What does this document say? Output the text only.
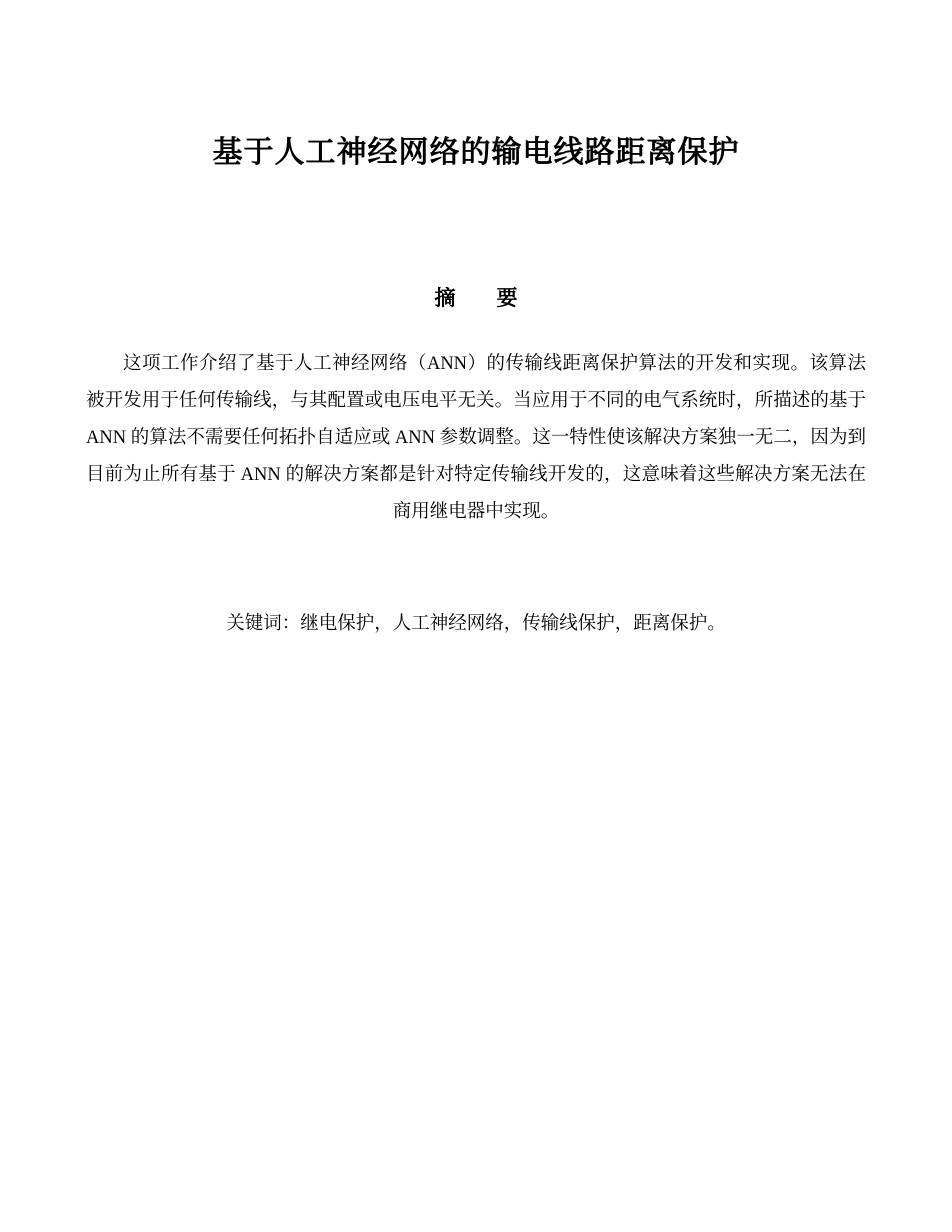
基于人工神经网络的输电线路距离保护
摘　要

这项工作介绍了基于人工神经网络（ANN）的传输线距离保护算法的开发和实现。该算法被开发用于任何传输线，与其配置或电压电平无关。当应用于不同的电气系统时，所描述的基于 ANN 的算法不需要任何拓扑自适应或 ANN 参数调整。这一特性使该解决方案独一无二，因为到目前为止所有基于 ANN 的解决方案都是针对特定传输线开发的，这意味着这些解决方案无法在商用继电器中实现。

关键词：继电保护，人工神经网络，传输线保护，距离保护。
